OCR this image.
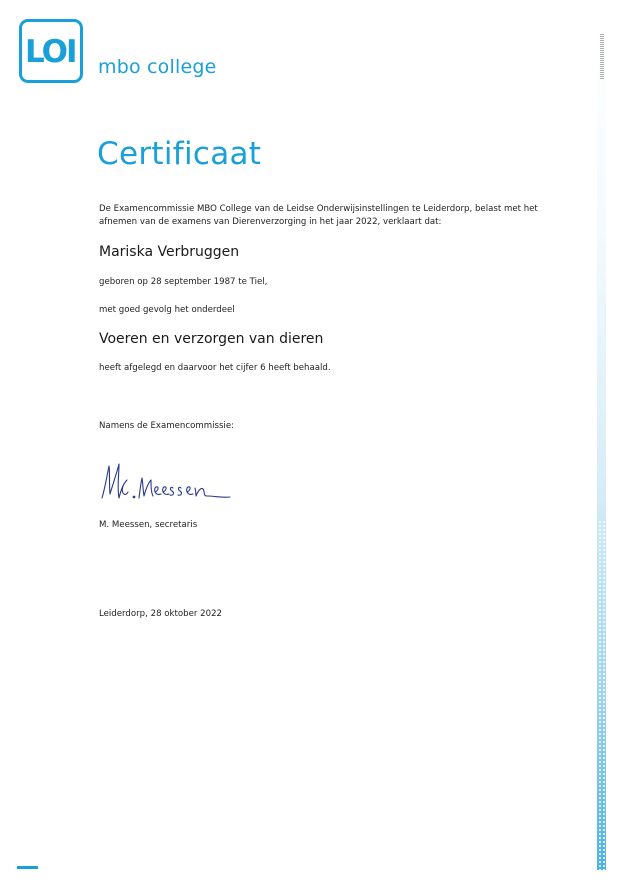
LOI mbo college
Certificaat
De Examencommissie MBO College van de Leidse Onderwijsinstellingen te Leiderdorp, belast met het afnemen van de examens van Dierenverzorging in het jaar 2022, verklaart dat:
Mariska Verbruggen
geboren op 28 september 1987 te Tiel,
met goed gevolg het onderdeel
Voeren en verzorgen van dieren
heeft afgelegd en daarvoor het cijfer 6 heeft behaald.
Namens de Examencommissie:
M. Meessen, secretaris
Leiderdorp, 28 oktober 2022
